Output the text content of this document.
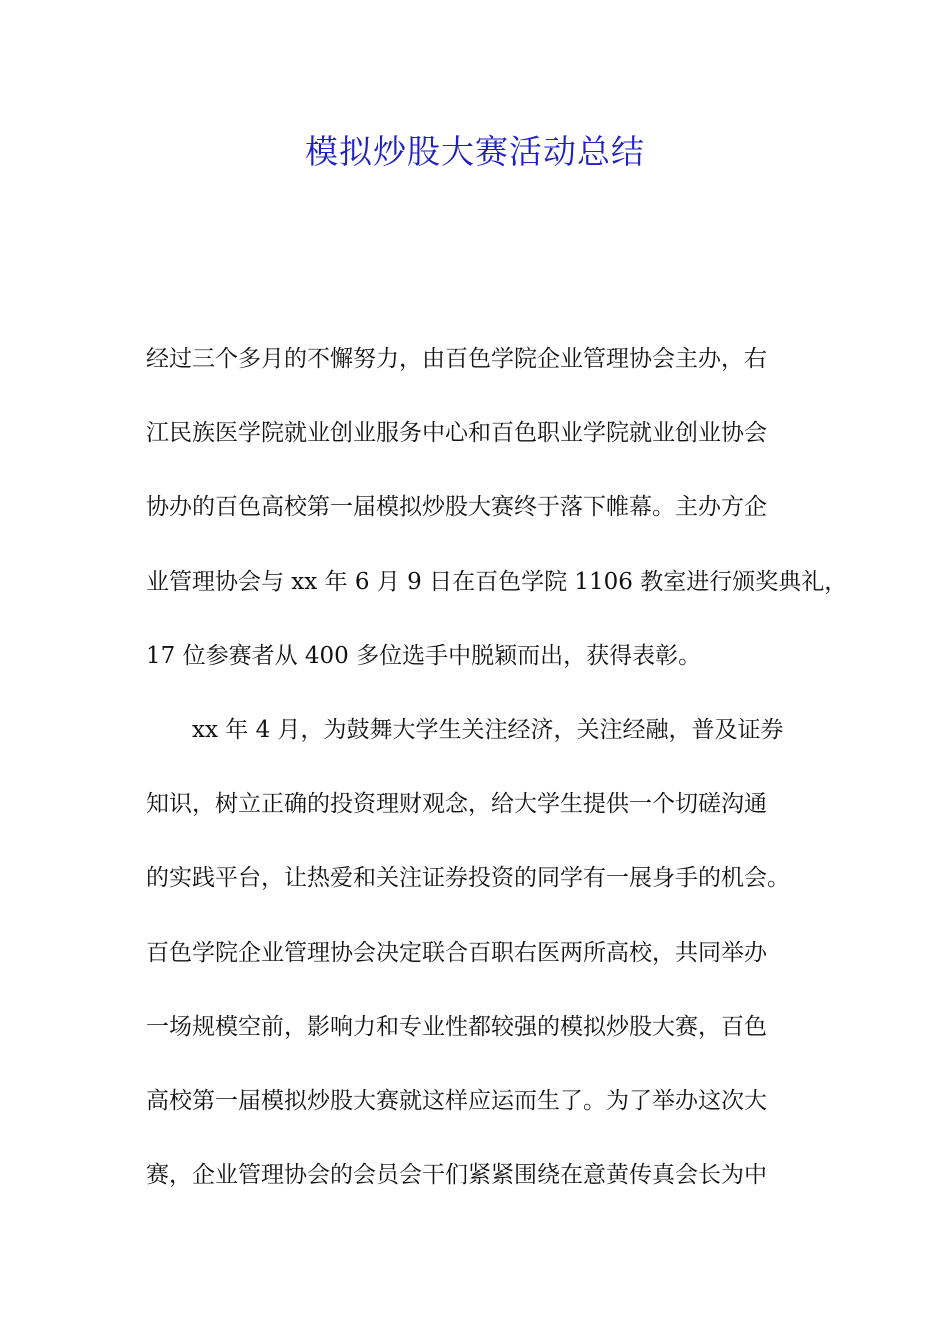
模拟炒股大赛活动总结
经过三个多月的不懈努力，由百色学院企业管理协会主办，右
江民族医学院就业创业服务中心和百色职业学院就业创业协会
协办的百色高校第一届模拟炒股大赛终于落下帷幕。主办方企
业管理协会与 xx 年 6 月 9 日在百色学院 1106 教室进行颁奖典礼，
17 位参赛者从 400 多位选手中脱颖而出，获得表彰。
xx 年 4 月，为鼓舞大学生关注经济，关注经融，普及证券
知识，树立正确的投资理财观念，给大学生提供一个切磋沟通
的实践平台，让热爱和关注证券投资的同学有一展身手的机会。
百色学院企业管理协会决定联合百职右医两所高校，共同举办
一场规模空前，影响力和专业性都较强的模拟炒股大赛，百色
高校第一届模拟炒股大赛就这样应运而生了。为了举办这次大
赛，企业管理协会的会员会干们紧紧围绕在意黄传真会长为中
